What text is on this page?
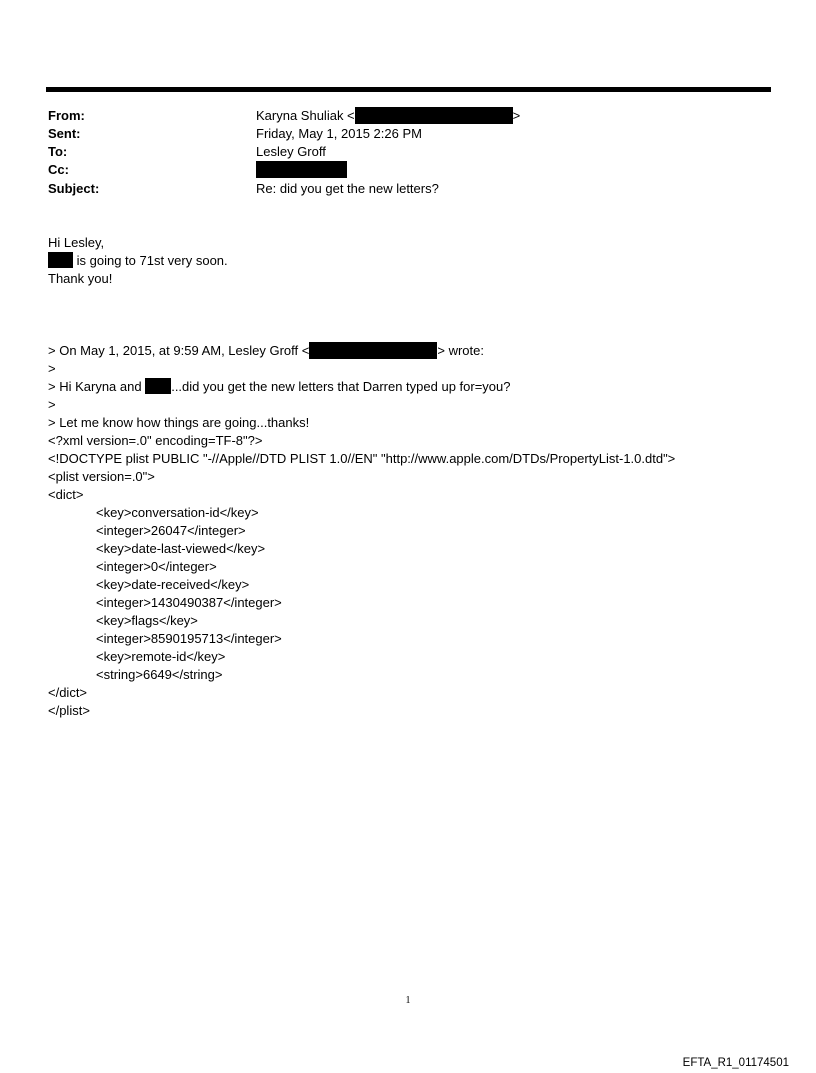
From:	Karyna Shuliak <	>
Sent:	Friday, May 1, 2015 2:26 PM
To:	Lesley Groff
Cc:
Subject:	Re: did you get the new letters?
Hi Lesley,
is going to 71st very soon.
Thank you!
> On May 1, 2015, at 9:59 AM, Lesley Groff <	> wrote:
>
> Hi Karyna and ...did you get the new letters that Darren typed up for=you?
>
> Let me know how things are going...thanks!
<?xml version=.0" encoding=TF-8"?>
<!DOCTYPE plist PUBLIC "-//Apple//DTD PLIST 1.0//EN" "http://www.apple.com/DTDs/PropertyList-1.0.dtd">
<plist version=.0">
<dict>
<key>conversation-id</key>
<integer>26047</integer>
<key>date-last-viewed</key>
<integer>0</integer>
<key>date-received</key>
<integer>1430490387</integer>
<key>flags</key>
<integer>8590195713</integer>
<key>remote-id</key>
<string>6649</string>
</dict>
</plist>
1
EFTA_R1_01174501
